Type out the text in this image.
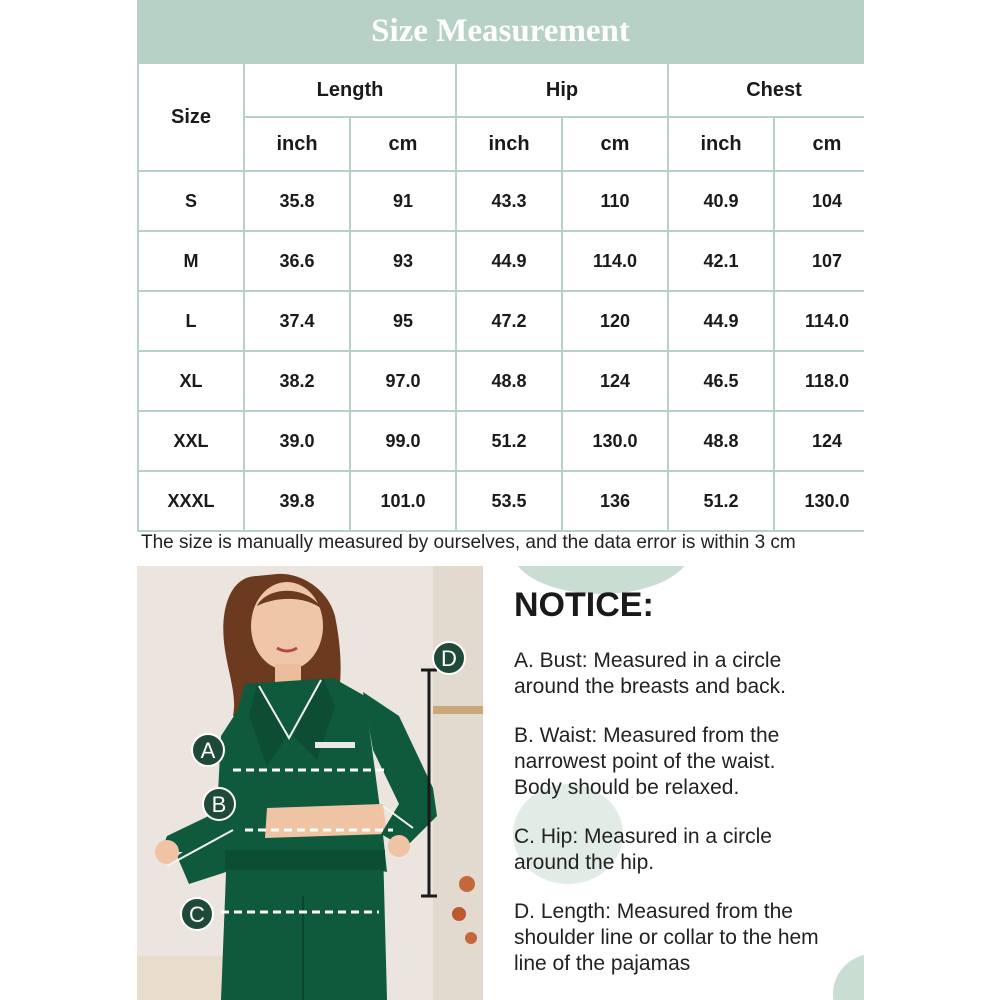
Size Measurement
Size	Length		Hip		Chest	
	inch	cm	inch	cm	inch	cm
S	35.8	91	43.3	110	40.9	104
M	36.6	93	44.9	114.0	42.1	107
L	37.4	95	47.2	120	44.9	114.0
XL	38.2	97.0	48.8	124	46.5	118.0
XXL	39.0	99.0	51.2	130.0	48.8	124
XXXL	39.8	101.0	53.5	136	51.2	130.0
The size is manually measured by ourselves, and the data error is within 3 cm
A
B
C
D
NOTICE:
A. Bust: Measured in a circle
around the breasts and back.
B. Waist: Measured from the
narrowest point of the waist.
Body should be relaxed.
C. Hip: Measured in a circle
around the hip.
D. Length: Measured from the
shoulder line or collar to the hem
line of the pajamas
